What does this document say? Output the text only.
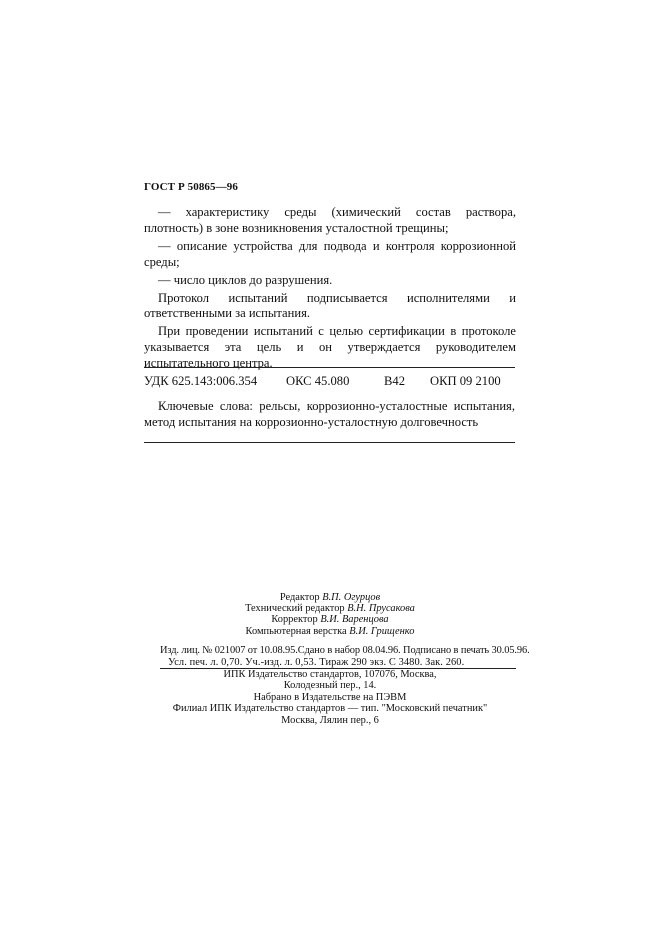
ГОСТ Р 50865—96

— характеристику среды (химический состав раствора, плотность) в зоне возникновения усталостной трещины;

— описание устройства для подвода и контроля коррозионной среды;

— число циклов до разрушения.

Протокол испытаний подписывается исполнителями и ответственными за испытания.

При проведении испытаний с целью сертификации в протоколе указывается эта цель и он утверждается руководителем испытательного центра.

УДК 625.143:006.354 ОКС 45.080	В42 ОКП 09 2100

Ключевые слова: рельсы, коррозионно-усталостные испытания, метод испытания на коррозионно-усталостную долговечность

Редактор В.П. Огурцов
Технический редактор В.Н. Прусакова
Корректор В.И. Варенцова
Компьютерная верстка В.И. Грищенко
Изд. лиц. № 021007 от 10.08.95.Сдано в набор 08.04.96. Подписано в печать 30.05.96.
Усл. печ. л. 0,70. Уч.-изд. л. 0,53. Тираж 290 экз. С 3480. Зак. 260.
ИПК Издательство стандартов, 107076, Москва,
Колодезный пер., 14.
Набрано в Издательстве на ПЭВМ
Филиал ИПК Издательство стандартов — тип. "Московский печатник"
Москва, Лялин пер., 6
